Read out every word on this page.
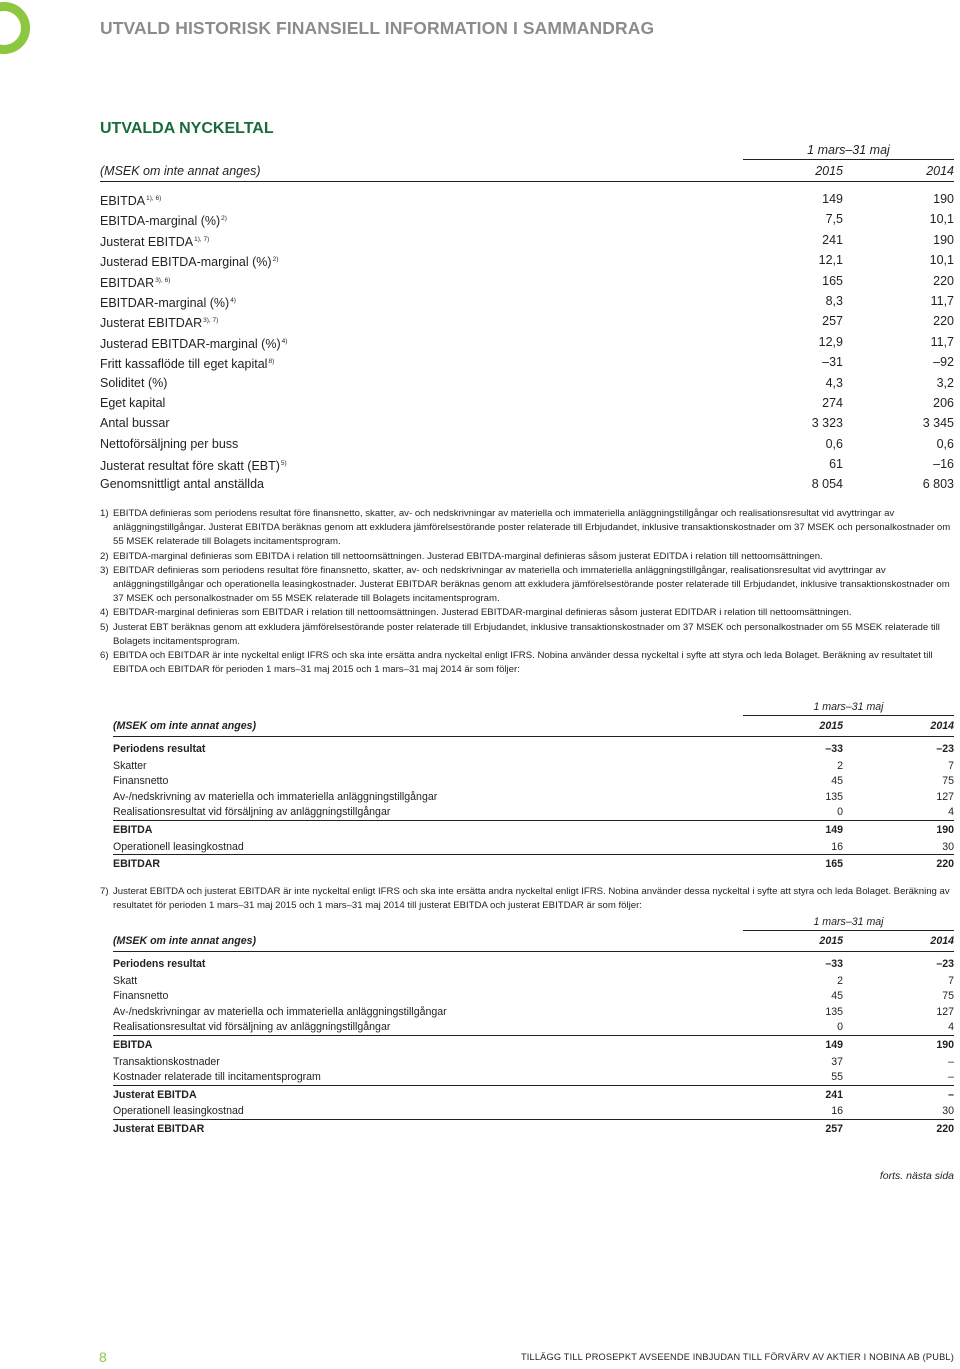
UTVALD HISTORISK FINANSIELL INFORMATION I SAMMANDRAG
UTVALDA NYCKELTAL
1 mars–31 maj
(MSEK om inte annat anges)	2015	2014
$EBITDA^{1), 6)}$	149	190
EBITDA-marginal (%)$^{2)}$	7,5	10,1
Justerat $EBITDA^{1), 7)}$	241	190
Justerad EBITDA-marginal (%)$^{2)}$	12,1	10,1
$EBITDAR^{3), 6)}$	165	220
EBITDAR-marginal (%)$^{4)}$	8,3	11,7
Justerat $EBITDAR^{3), 7)}$	257	220
Justerad EBITDAR-marginal (%)$^{4)}$	12,9	11,7
Fritt kassaflöde till eget kapital$^{8)}$	–31	–92
Soliditet (%)	4,3	3,2
Eget kapital	274	206
Antal bussar	3 323	3 345
Nettoförsäljning per buss	0,6	0,6
Justerat resultat före skatt (EBT)$^{5)}$	61	–16
Genomsnittligt antal anställda	8 054	6 803
1) EBITDA definieras som periodens resultat före finansnetto, skatter, av- och nedskrivningar av materiella och immateriella anläggningstillgångar och realisationsresultat vid avyttringar av anläggningstillgångar. Justerat EBITDA beräknas genom att exkludera jämförelsestörande poster relaterade till Erbjudandet, inklusive transaktionskostnader om 37 MSEK och personalkostnader om 55 MSEK relaterade till Bolagets incitamentsprogram.
2) EBITDA-marginal definieras som EBITDA i relation till nettoomsättningen. Justerad EBITDA-marginal definieras såsom justerat EDITDA i relation till nettoomsättningen.
3) EBITDAR definieras som periodens resultat före finansnetto, skatter, av- och nedskrivningar av materiella och immateriella anläggningstillgångar, realisationsresultat vid avyttringar av anläggningstillgångar och operationella leasingkostnader. Justerat EBITDAR beräknas genom att exkludera jämförelsestörande poster relaterade till Erbjudandet, inklusive transaktionskostnader om 37 MSEK och personalkostnader om 55 MSEK relaterade till Bolagets incitamentsprogram.
4) EBITDAR-marginal definieras som EBITDAR i relation till nettoomsättningen. Justerad EBITDAR-marginal definieras såsom justerat EDITDAR i relation till nettoomsättningen.
5) Justerat EBT beräknas genom att exkludera jämförelsestörande poster relaterade till Erbjudandet, inklusive transaktionskostnader om 37 MSEK och personalkostnader om 55 MSEK relaterade till Bolagets incitamentsprogram.
6) EBITDA och EBITDAR är inte nyckeltal enligt IFRS och ska inte ersätta andra nyckeltal enligt IFRS. Nobina använder dessa nyckeltal i syfte att styra och leda Bolaget. Beräkning av resultatet till EBITDA och EBITDAR för perioden 1 mars–31 maj 2015 och 1 mars–31 maj 2014 är som följer:
1 mars–31 maj
(MSEK om inte annat anges)	2015	2014
Periodens resultat	–33	–23
Skatter	2	7
Finansnetto	45	75
Av-/nedskrivning av materiella och immateriella anläggningstillgångar	135	127
Realisationsresultat vid försäljning av anläggningstillgångar	0	4
EBITDA	149	190
Operationell leasingkostnad	16	30
EBITDAR	165	220
7) Justerat EBITDA och justerat EBITDAR är inte nyckeltal enligt IFRS och ska inte ersätta andra nyckeltal enligt IFRS. Nobina använder dessa nyckeltal i syfte att styra och leda Bolaget. Beräkning av resultatet för perioden 1 mars–31 maj 2015 och 1 mars–31 maj 2014 till justerat EBITDA och justerat EBITDAR är som följer:
1 mars–31 maj
(MSEK om inte annat anges)	2015	2014
Periodens resultat	–33	–23
Skatt	2	7
Finansnetto	45	75
Av-/nedskrivningar av materiella och immateriella anläggningstillgångar	135	127
Realisationsresultat vid försäljning av anläggningstillgångar	0	4
EBITDA	149	190
Transaktionskostnader	37	–
Kostnader relaterade till incitamentsprogram	55	–
Justerat EBITDA	241	–
Operationell leasingkostnad	16	30
Justerat EBITDAR	257	220
forts. nästa sida
8	TILLÄGG TILL PROSEPKT AVSEENDE INBJUDAN TILL FÖRVÄRV AV AKTIER I NOBINA AB (PUBL)
